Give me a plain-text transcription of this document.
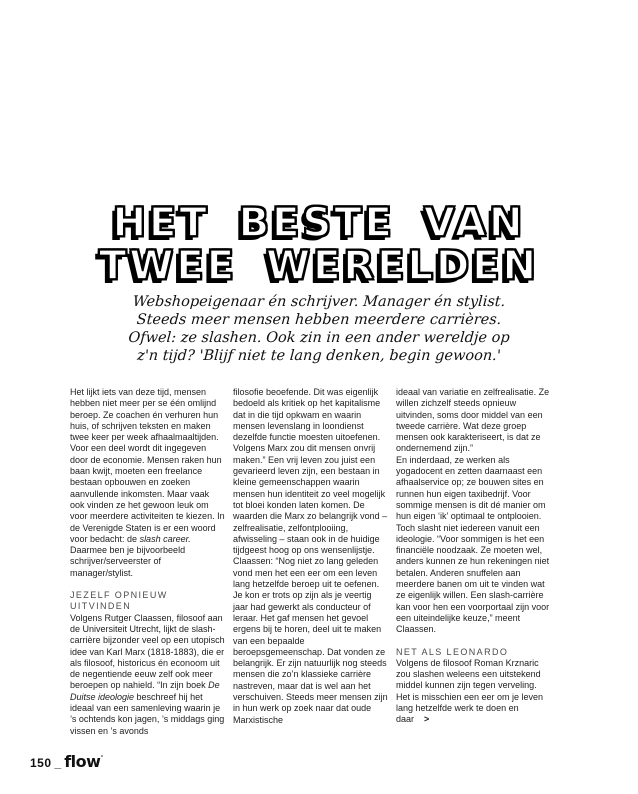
HET BESTE VAN
TWEE WERELDEN
Webshopeigenaar én schrijver. Manager én stylist.
Steeds meer mensen hebben meerdere carrières.
Ofwel: ze slashen. Ook zin in een ander wereldje op
z'n tijd? 'Blijf niet te lang denken, begin gewoon.'

Het lijkt iets van deze tijd, mensen hebben niet meer per se één omlijnd beroep. Ze coachen én verhuren hun huis, of schrijven teksten en maken twee keer per week afhaalmaaltijden. Voor een deel wordt dit ingegeven door de economie. Mensen raken hun baan kwijt, moeten een freelance bestaan opbouwen en zoeken aanvullende inkomsten. Maar vaak ook vinden ze het gewoon leuk om voor meerdere activiteiten te kiezen. In de Verenigde Staten is er een woord voor bedacht: de slash career. Daarmee ben je bijvoorbeeld schrijver/serveerster of manager/stylist.

JEZELF OPNIEUW UITVINDEN

Volgens Rutger Claassen, filosoof aan de Universiteit Utrecht, lijkt de slash-carrière bijzonder veel op een utopisch idee van Karl Marx (1818-1883), die er als filosoof, historicus én econoom uit de negentiende eeuw zelf ook meer beroepen op nahield. “In zijn boek De Duitse ideologie beschreef hij het ideaal van een samenleving waarin je ’s ochtends kon jagen, ’s middags ging vissen en ’s avonds

filosofie beoefende. Dit was eigenlijk bedoeld als kritiek op het kapitalisme dat in die tijd opkwam en waarin mensen levenslang in loondienst dezelfde functie moesten uitoefenen. Volgens Marx zou dit mensen onvrij maken.” Een vrij leven zou juist een gevarieerd leven zijn, een bestaan in kleine gemeenschappen waarin mensen hun identiteit zo veel mogelijk tot bloei konden laten komen. De waarden die Marx zo belangrijk vond – zelfrealisatie, zelfontplooiing, afwisseling – staan ook in de huidige tijdgeest hoog op ons wensenlijstje. Claassen: “Nog niet zo lang geleden vond men het een eer om een leven lang hetzelfde beroep uit te oefenen. Je kon er trots op zijn als je veertig jaar had gewerkt als conducteur of leraar. Het gaf mensen het gevoel ergens bij te horen, deel uit te maken van een bepaalde beroepsgemeenschap. Dat vonden ze belangrijk. Er zijn natuurlijk nog steeds mensen die zo’n klassieke carrière nastreven, maar dat is wel aan het verschuiven. Steeds meer mensen zijn in hun werk op zoek naar dat oude Marxistische

ideaal van variatie en zelfrealisatie. Ze willen zichzelf steeds opnieuw uitvinden, soms door middel van een tweede carrière. Wat deze groep mensen ook karakteriseert, is dat ze ondernemend zijn.”

En inderdaad, ze werken als yogadocent en zetten daarnaast een afhaalservice op; ze bouwen sites en runnen hun eigen taxibedrijf. Voor sommige mensen is dit dé manier om hun eigen ‘ik’ optimaal te ontplooien. Toch slasht niet iedereen vanuit een ideologie. “Voor sommigen is het een financiële noodzaak. Ze moeten wel, anders kunnen ze hun rekeningen niet betalen. Anderen snuffelen aan meerdere banen om uit te vinden wat ze eigenlijk willen. Een slash-carrière kan voor hen een voorportaal zijn voor een uiteindelijke keuze,” meent Claassen.

NET ALS LEONARDO

Volgens de filosoof Roman Krznaric zou slashen weleens een uitstekend middel kunnen zijn tegen verveling. Het is misschien een eer om je leven lang hetzelfde werk te doen en daar >

150 _ flow °
